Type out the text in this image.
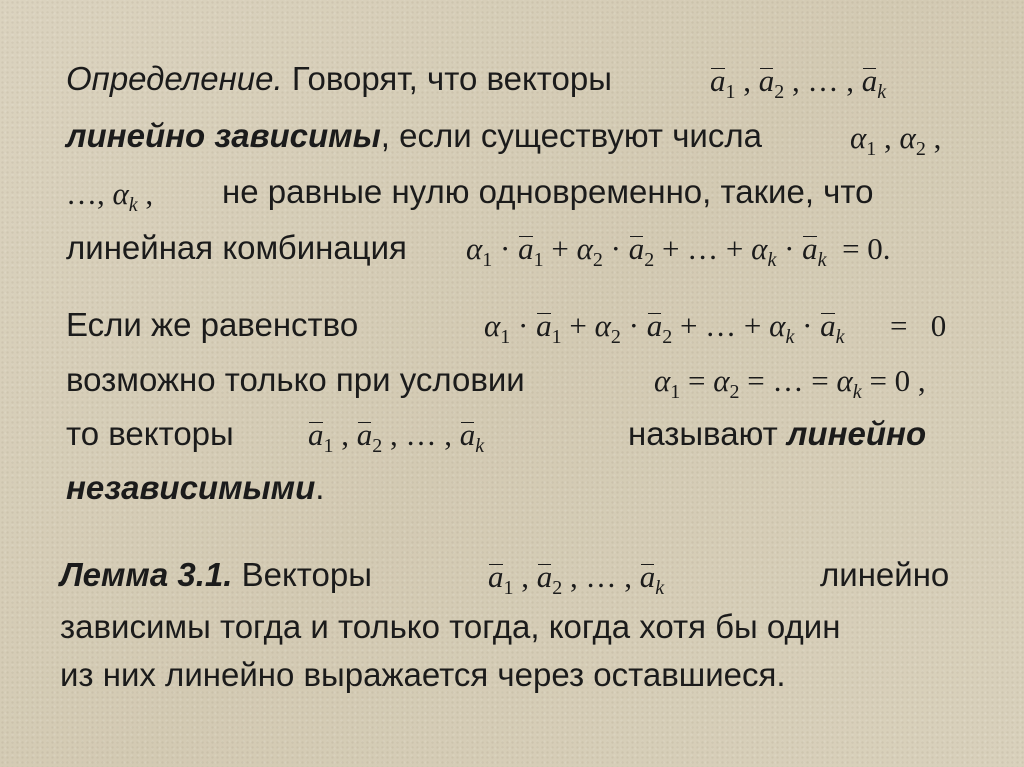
Определение. Говорят, что векторы	$a_1$ , $a_2$ , … , $a_k$
линейно зависимы, если существуют числа	$\alpha_1$ , $\alpha_2$ ,
…, $\alpha_k$ , не равные нулю одновременно, такие, что
линейная комбинация $\alpha_1 \cdot a_1 + \alpha_2 \cdot a_2$ + … + $\alpha_k \cdot a_k = 0$.
Если же равенство	$\alpha_1 \cdot a_1 + \alpha_2 \cdot a_2$ + … + $\alpha_k \cdot a_k = 0$
возможно только при условии	$\alpha_1 = \alpha_2$ = … = $\alpha_k = 0$ ,
то векторы $a_1$ , $a_2$ , … , $a_k$	называют линейно
независимыми.
Лемма 3.1. Векторы	$a_1$ , $a_2$ , … , $a_k$	линейно
зависимы тогда и только тогда, когда хотя бы один
из них линейно выражается через оставшиеся.
